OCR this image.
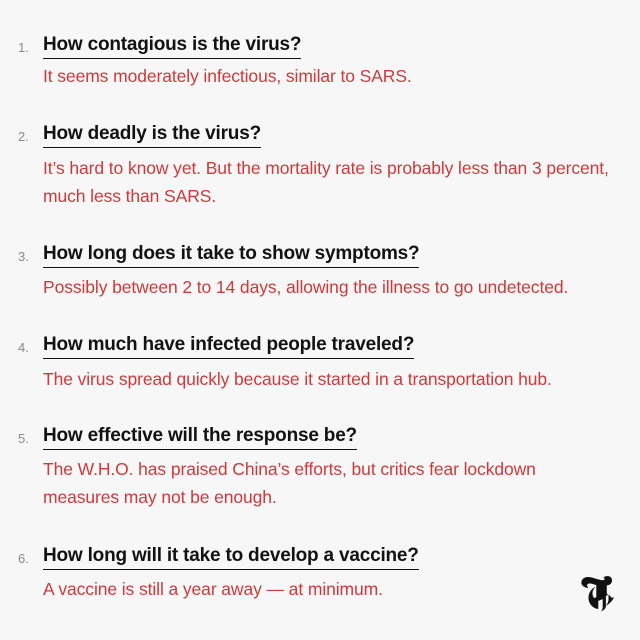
1. How contagious is the virus?
It seems moderately infectious, similar to SARS.
2. How deadly is the virus?
It’s hard to know yet. But the mortality rate is probably less than 3 percent, much less than SARS.
3. How long does it take to show symptoms?
Possibly between 2 to 14 days, allowing the illness to go undetected.
4. How much have infected people traveled?
The virus spread quickly because it started in a transportation hub.
5. How effective will the response be?
The W.H.O. has praised China’s efforts, but critics fear lockdown measures may not be enough.
6. How long will it take to develop a vaccine?
A vaccine is still a year away — at minimum.
